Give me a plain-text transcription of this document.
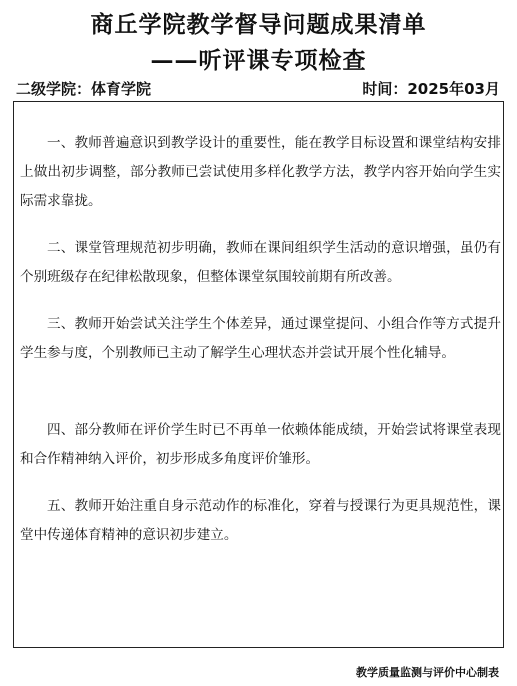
商丘学院教学督导问题成果清单
——听评课专项检查
二级学院：体育学院	时间：2025年03月
一、教师普遍意识到教学设计的重要性，能在教学目标设置和课堂结构安排上做出初步调整，部分教师已尝试使用多样化教学方法，教学内容开始向学生实际需求靠拢。
二、课堂管理规范初步明确，教师在课间组织学生活动的意识增强，虽仍有个别班级存在纪律松散现象，但整体课堂氛围较前期有所改善。
三、教师开始尝试关注学生个体差异，通过课堂提问、小组合作等方式提升学生参与度，个别教师已主动了解学生心理状态并尝试开展个性化辅导。
四、部分教师在评价学生时已不再单一依赖体能成绩，开始尝试将课堂表现和合作精神纳入评价，初步形成多角度评价雏形。
五、教师开始注重自身示范动作的标准化，穿着与授课行为更具规范性，课堂中传递体育精神的意识初步建立。
教学质量监测与评价中心制表
